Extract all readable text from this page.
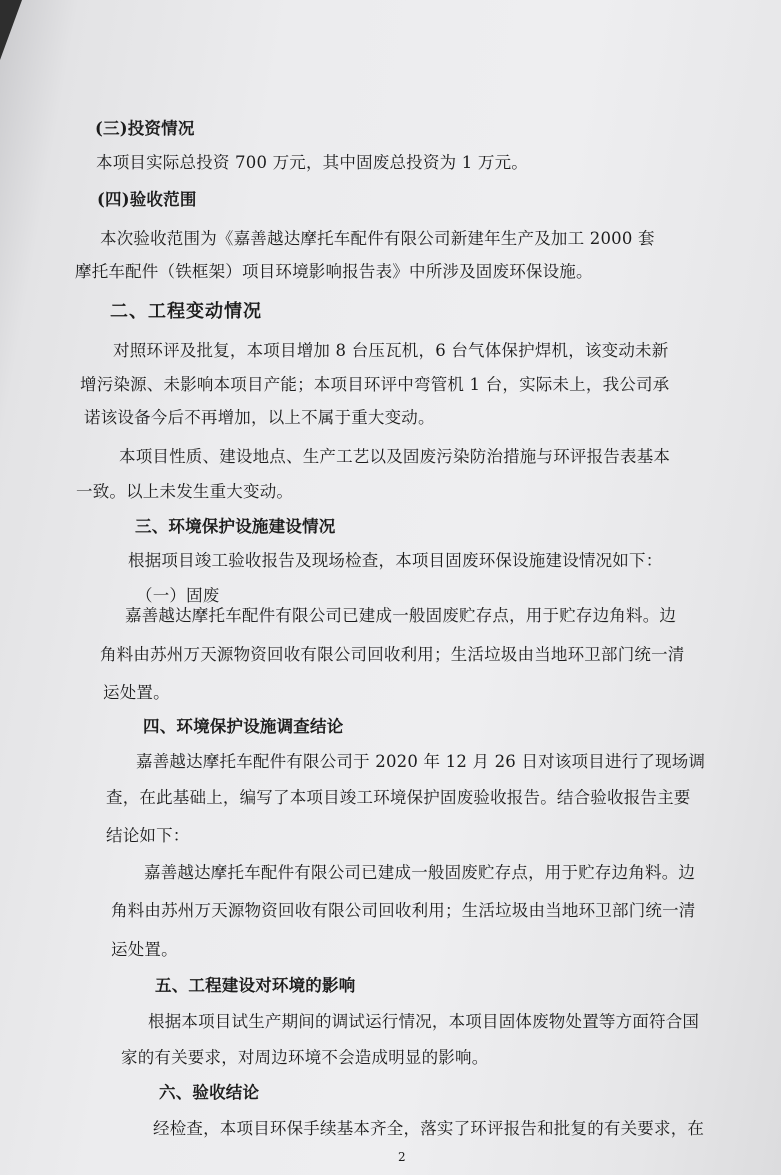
(三)投资情况
本项目实际总投资 700 万元，其中固废总投资为 1 万元。
(四)验收范围
本次验收范围为《嘉善越达摩托车配件有限公司新建年生产及加工 2000 套
摩托车配件（铁框架）项目环境影响报告表》中所涉及固废环保设施。
二、工程变动情况
对照环评及批复，本项目增加 8 台压瓦机，6 台气体保护焊机，该变动未新
增污染源、未影响本项目产能；本项目环评中弯管机 1 台，实际未上，我公司承
诺该设备今后不再增加，以上不属于重大变动。
本项目性质、建设地点、生产工艺以及固废污染防治措施与环评报告表基本
一致。以上未发生重大变动。
三、环境保护设施建设情况
根据项目竣工验收报告及现场检查，本项目固废环保设施建设情况如下：
（一）固废
嘉善越达摩托车配件有限公司已建成一般固废贮存点，用于贮存边角料。边
角料由苏州万天源物资回收有限公司回收利用；生活垃圾由当地环卫部门统一清
运处置。
四、环境保护设施调查结论
嘉善越达摩托车配件有限公司于 2020 年 12 月 26 日对该项目进行了现场调
查，在此基础上，编写了本项目竣工环境保护固废验收报告。结合验收报告主要
结论如下：
嘉善越达摩托车配件有限公司已建成一般固废贮存点，用于贮存边角料。边
角料由苏州万天源物资回收有限公司回收利用；生活垃圾由当地环卫部门统一清
运处置。
五、工程建设对环境的影响
根据本项目试生产期间的调试运行情况，本项目固体废物处置等方面符合国
家的有关要求，对周边环境不会造成明显的影响。
六、验收结论
经检查，本项目环保手续基本齐全，落实了环评报告和批复的有关要求，在
2
